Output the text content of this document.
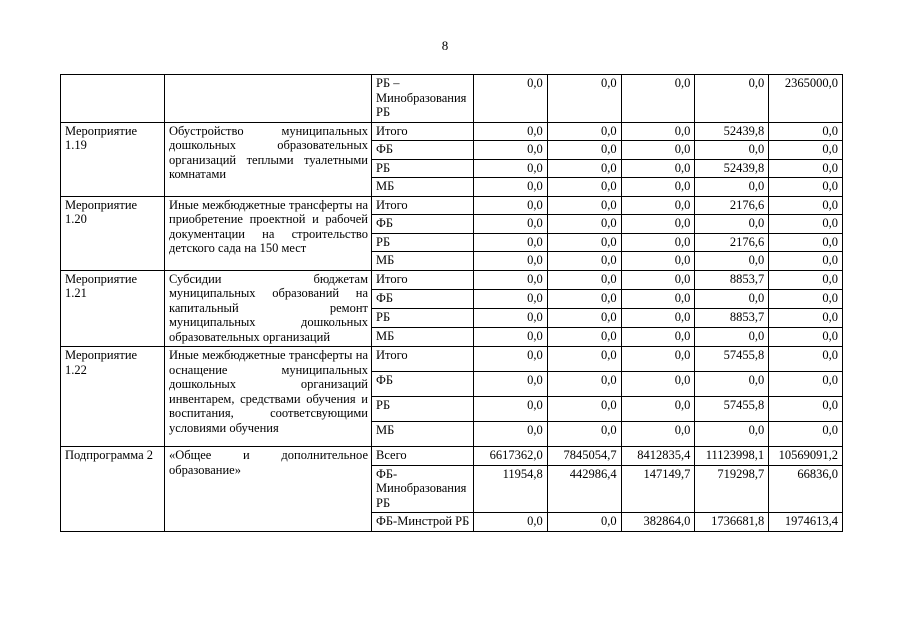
8
		РБ – Минобразования РБ	0,0	0,0	0,0	0,0	2365000,0
Мероприятие 1.19	Обустройство муниципальных дошкольных образовательных организаций теплыми туалетными комнатами	Итого	0,0	0,0	0,0	52439,8	0,0
		ФБ	0,0	0,0	0,0	0,0	0,0
		РБ	0,0	0,0	0,0	52439,8	0,0
		МБ	0,0	0,0	0,0	0,0	0,0
Мероприятие 1.20	Иные межбюджетные трансферты на приобретение проектной и рабочей документации на строительство детского сада на 150 мест	Итого	0,0	0,0	0,0	2176,6	0,0
		ФБ	0,0	0,0	0,0	0,0	0,0
		РБ	0,0	0,0	0,0	2176,6	0,0
		МБ	0,0	0,0	0,0	0,0	0,0
Мероприятие 1.21	Субсидии бюджетам муниципальных образований на капитальный ремонт муниципальных дошкольных образовательных организаций	Итого	0,0	0,0	0,0	8853,7	0,0
		ФБ	0,0	0,0	0,0	0,0	0,0
		РБ	0,0	0,0	0,0	8853,7	0,0
		МБ	0,0	0,0	0,0	0,0	0,0
Мероприятие 1.22	Иные межбюджетные трансферты на оснащение муниципальных дошкольных организаций инвентарем, средствами обучения и воспитания, соответсвующими условиями обучения	Итого	0,0	0,0	0,0	57455,8	0,0
		ФБ	0,0	0,0	0,0	0,0	0,0
		РБ	0,0	0,0	0,0	57455,8	0,0
		МБ	0,0	0,0	0,0	0,0	0,0
Подпрограмма 2	«Общее и дополнительное образование»	Всего	6617362,0	7845054,7	8412835,4	11123998,1	10569091,2
		ФБ-Минобразования РБ	11954,8	442986,4	147149,7	719298,7	66836,0
		ФБ-Минстрой РБ	0,0	0,0	382864,0	1736681,8	1974613,4
